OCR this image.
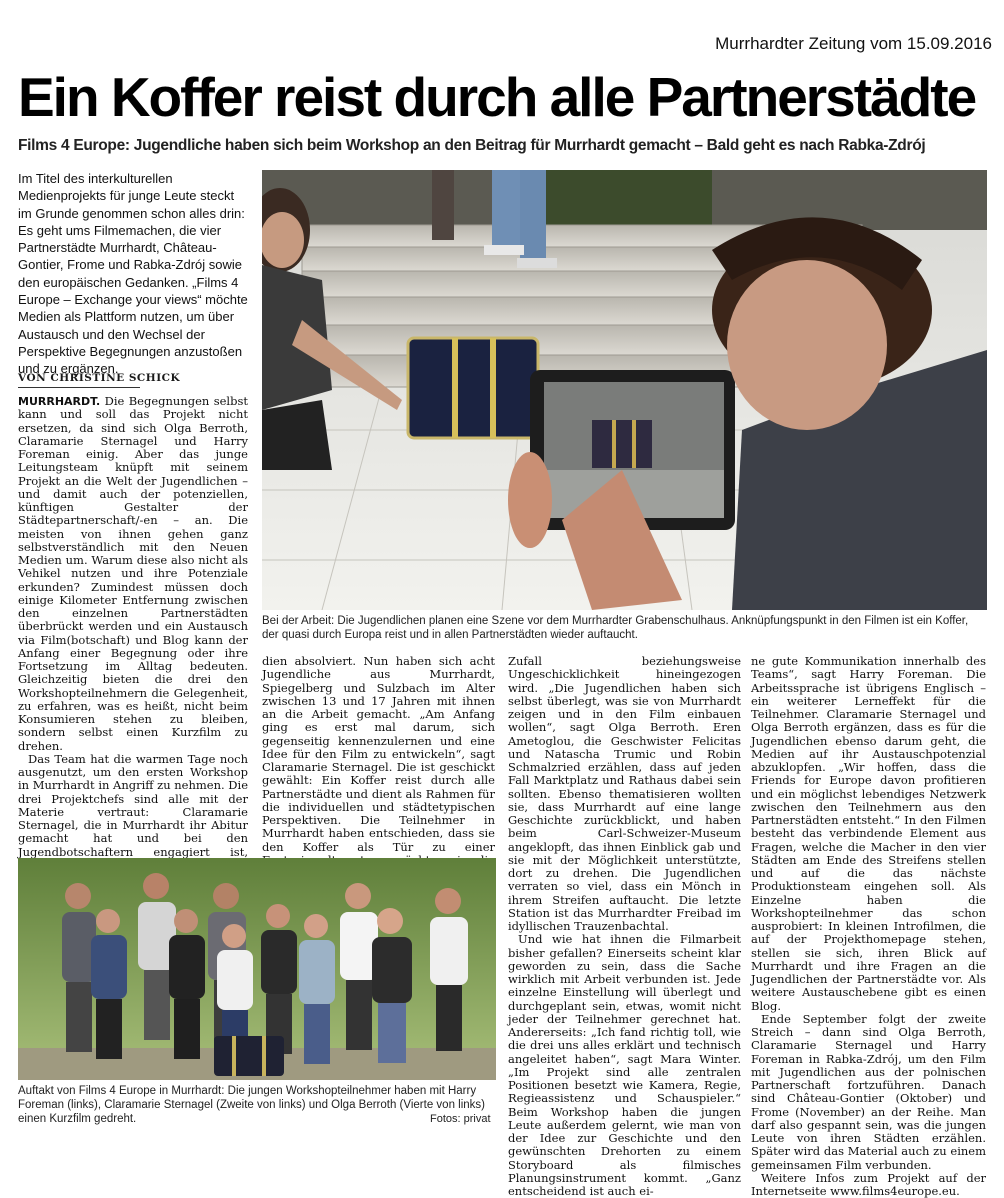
Murrhardter Zeitung vom 15.09.2016
Ein Koffer reist durch alle Partnerstädte
Films 4 Europe: Jugendliche haben sich beim Workshop an den Beitrag für Murrhardt gemacht – Bald geht es nach Rabka-Zdrój
Im Titel des interkulturellen Medienprojekts für junge Leute steckt im Grunde genommen schon alles drin: Es geht ums Filmemachen, die vier Partnerstädte Murrhardt, Château-Gontier, Frome und Rabka-Zdrój sowie den europäischen Gedanken. „Films 4 Europe – Exchange your views“ möchte Medien als Plattform nutzen, um über Austausch und den Wechsel der Perspektive Begegnungen anzustoßen und zu ergänzen.
VON CHRISTINE SCHICK
Bei der Arbeit: Die Jugendlichen planen eine Szene vor dem Murrhardter Grabenschulhaus. Anknüpfungspunkt in den Filmen ist ein Koffer, der quasi durch Europa reist und in allen Partnerstädten wieder auftaucht.

MURRHARDT. Die Begegnungen selbst kann und soll das Projekt nicht ersetzen, da sind sich Olga Berroth, Claramarie Sternagel und Harry Foreman einig. Aber das junge Leitungsteam knüpft mit seinem Projekt an die Welt der Jugendlichen – und damit auch der potenziellen, künftigen Gestalter der Städtepartnerschaft/-en – an. Die meisten von ihnen gehen ganz selbstverständlich mit den Neuen Medien um. Warum diese also nicht als Vehikel nutzen und ihre Potenziale erkunden? Zumindest müssen doch einige Kilometer Entfernung zwischen den einzelnen Partnerstädten überbrückt werden und ein Austausch via Film(botschaft) und Blog kann der Anfang einer Begegnung oder ihre Fortsetzung im Alltag bedeuten. Gleichzeitig bieten die drei den Workshopteilnehmern die Gelegenheit, zu erfahren, was es heißt, nicht beim Konsumieren stehen zu bleiben, sondern selbst einen Kurzfilm zu drehen.

Das Team hat die warmen Tage noch ausgenutzt, um den ersten Workshop in Murrhardt in Angriff zu nehmen. Die drei Projektchefs sind alle mit der Materie vertraut: Claramarie Sternagel, die in Murrhardt ihr Abitur gemacht hat und bei den Jugendbotschaftern engagiert ist,

dien absolviert. Nun haben sich acht Jugendliche aus Murrhardt, Spiegelberg und Sulzbach im Alter zwischen 13 und 17 Jahren mit ihnen an die Arbeit gemacht. „Am Anfang ging es erst mal darum, sich gegenseitig kennenzulernen und eine Idee für den Film zu entwickeln“, sagt Claramarie Sternagel. Die ist geschickt gewählt: Ein Koffer reist durch alle Partnerstädte und dient als Rahmen für die individuellen und städtetypischen Perspektiven. Die Teilnehmer in Murrhardt haben entschieden, dass sie den Koffer als Tür zu einer

Zufall beziehungsweise Ungeschicklichkeit hineingezogen wird. „Die Jugendlichen haben sich selbst überlegt, was sie von Murrhardt zeigen und in den Film einbauen wollen“, sagt Olga Berroth. Eren Ametoglou, die Geschwister Felicitas und Natascha Trumic und Robin Schmalzried erzählen, dass auf jeden Fall Marktplatz und Rathaus dabei sein sollten. Ebenso thematisieren wollten sie, dass Murrhardt auf eine lange Geschichte zurückblickt, und haben beim Carl-Schweizer-Museum angeklopft, das ihnen Einblick gab und sie mit der Möglichkeit unterstützte, dort zu drehen. Die Jugendlichen verraten so viel, dass ein Mönch in ihrem Streifen auftaucht. Die letzte Station ist das Murrhardter Freibad im idyllischen Trauzenbachtal.

Und wie hat ihnen die Filmarbeit bisher gefallen? Einerseits scheint klar geworden zu sein, dass die Sache wirklich mit Arbeit verbunden ist. Jede einzelne Einstellung will überlegt und durchgeplant sein, etwas, womit nicht jeder der Teilnehmer gerechnet hat. Andererseits: „Ich fand richtig toll, wie die drei uns alles erklärt und technisch angeleitet haben“, sagt Mara Winter. „Im Projekt sind alle zentralen Positionen besetzt wie Kamera, Regie, Regieassistenz und Schauspieler.“ Beim Workshop haben die jungen Leute außerdem gelernt, wie man von der Idee zur Geschichte und den gewünschten Drehorten zu einem Storyboard als filmisches Planungsinstrument kommt. „Ganz entscheidend ist auch ei-

ne gute Kommunikation innerhalb des Teams“, sagt Harry Foreman. Die Arbeitssprache ist übrigens Englisch – ein weiterer Lerneffekt für die Teilnehmer. Claramarie Sternagel und Olga Berroth ergänzen, dass es für die Jugendlichen ebenso darum geht, die Medien auf ihr Austauschpotenzial abzuklopfen. „Wir hoffen, dass die Friends for Europe davon profitieren und ein möglichst lebendiges Netzwerk zwischen den Teilnehmern aus den Partnerstädten entsteht.“ In den Filmen besteht das verbindende Element aus Fragen, welche die Macher in den vier Städten am Ende des Streifens stellen und auf die das nächste Produktionsteam eingehen soll. Als Einzelne haben die Workshopteilnehmer das schon ausprobiert: In kleinen Introfilmen, die auf der Projekthomepage stehen, stellen sie sich, ihren Blick auf Murrhardt und ihre Fragen an die Jugendlichen der Partnerstädte vor. Als weitere Austauschebene gibt es einen Blog.

Ende September folgt der zweite Streich – dann sind Olga Berroth, Claramarie Sternagel und Harry Foreman in Rabka-Zdrój, um den Film mit Jugendlichen aus der polnischen Partnerschaft fortzuführen. Danach sind Château-Gontier (Oktober) und Frome (November) an der Reihe. Man darf also gespannt sein, was die jungen Leute von ihren Städten erzählen. Später wird das Material auch zu einem gemeinsamen Film verbunden.

Weitere Infos zum Projekt auf der Internetseite www.films4europe.eu.

Auftakt von Films 4 Europe in Murrhardt: Die jungen Workshopteilnehmer haben mit Harry Foreman (links), Claramarie Sternagel (Zweite von links) und Olga Berroth (Vierte von links) einen Kurzfilm gedreht.	Fotos: privat
